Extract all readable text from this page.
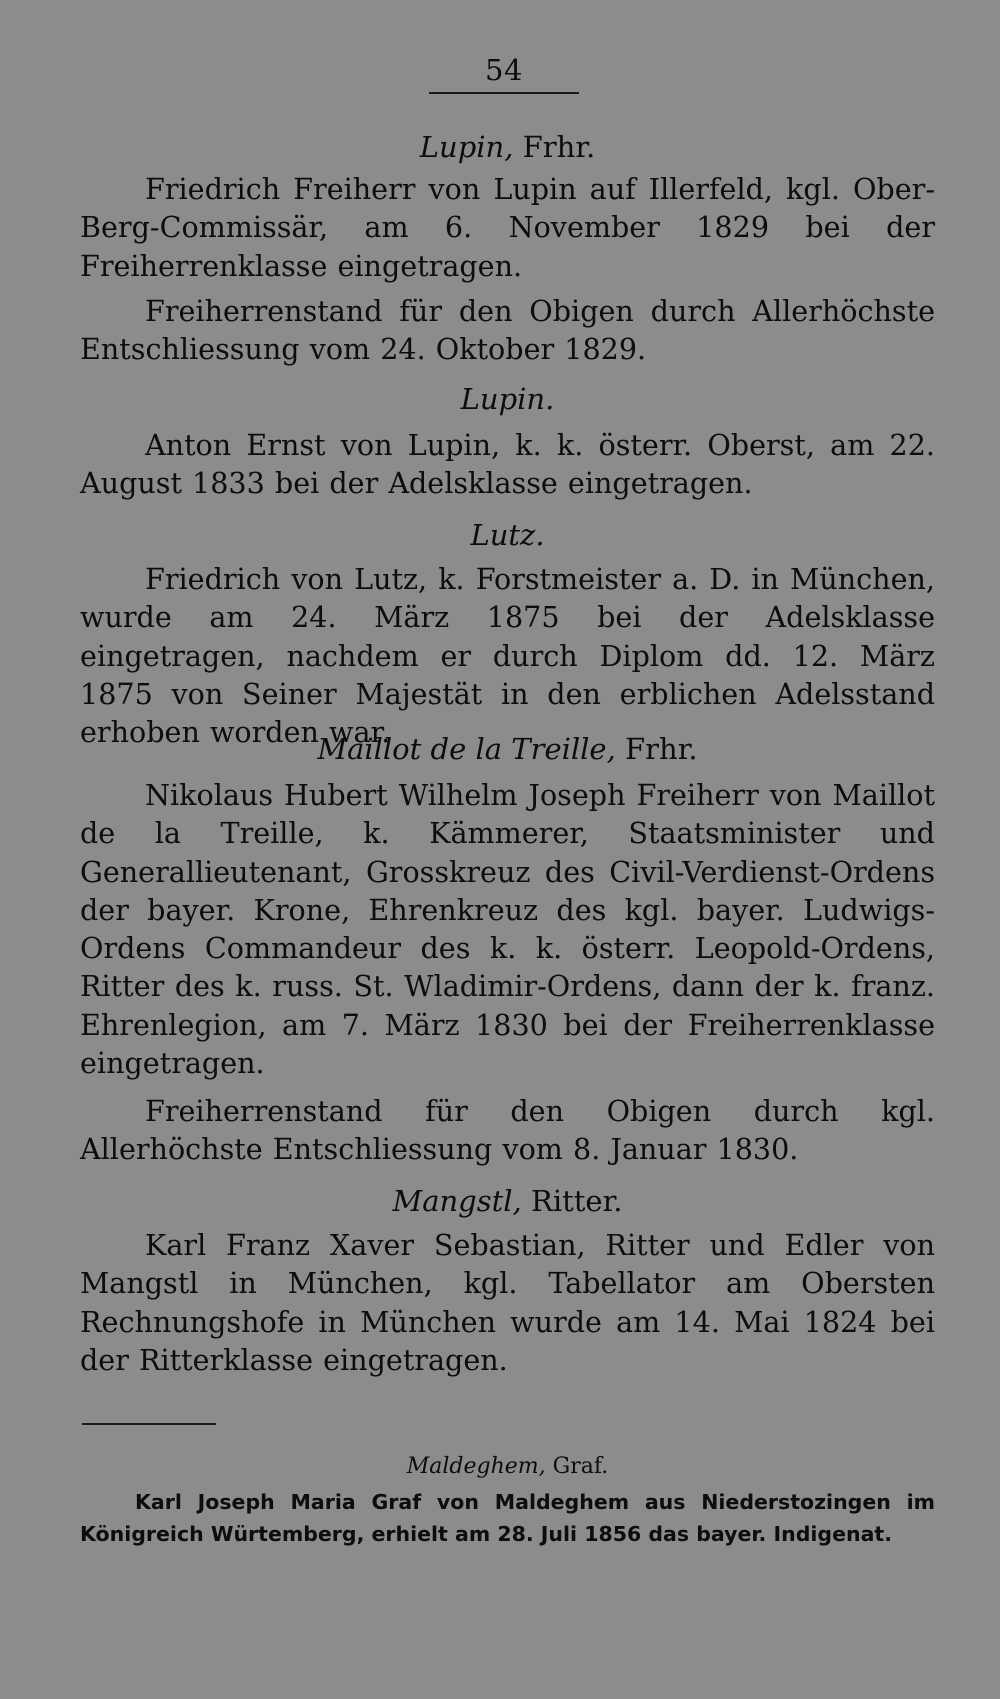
54
Lupin, Frhr.

Friedrich Freiherr von Lupin auf Illerfeld, kgl. Ober-Berg-Commissär, am 6. November 1829 bei der Freiherrenklasse eingetragen.

Freiherrenstand für den Obigen durch Allerhöchste Entschliessung vom 24. Oktober 1829.

Lupin.

Anton Ernst von Lupin, k. k. österr. Oberst, am 22. August 1833 bei der Adelsklasse eingetragen.

Lutz.

Friedrich von Lutz, k. Forstmeister a. D. in München, wurde am 24. März 1875 bei der Adelsklasse eingetragen, nachdem er durch Diplom dd. 12. März 1875 von Seiner Majestät in den erblichen Adelsstand erhoben worden war.

Maillot de la Treille, Frhr.

Nikolaus Hubert Wilhelm Joseph Freiherr von Maillot de la Treille, k. Kämmerer, Staatsminister und Generallieutenant, Grosskreuz des Civil-Verdienst-Ordens der bayer. Krone, Ehrenkreuz des kgl. bayer. Ludwigs-Ordens Commandeur des k. k. österr. Leopold-Ordens, Ritter des k. russ. St. Wladimir-Ordens, dann der k. franz. Ehrenlegion, am 7. März 1830 bei der Freiherrenklasse eingetragen.

Freiherrenstand für den Obigen durch kgl. Allerhöchste Entschliessung vom 8. Januar 1830.

Mangstl, Ritter.

Karl Franz Xaver Sebastian, Ritter und Edler von Mangstl in München, kgl. Tabellator am Obersten Rechnungshofe in München wurde am 14. Mai 1824 bei der Ritterklasse eingetragen.

Maldeghem, Graf.

Karl Joseph Maria Graf von Maldeghem aus Niederstozingen im Königreich Würtemberg, erhielt am 28. Juli 1856 das bayer. Indigenat.
